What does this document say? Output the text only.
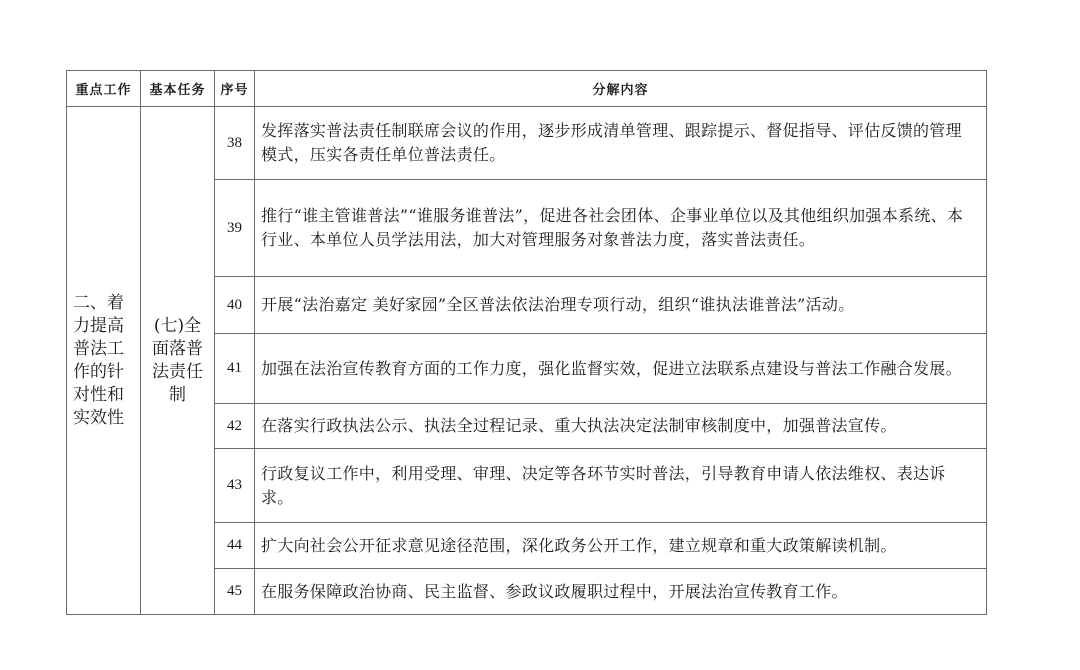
重点工作	基本任务	序号	分解内容
二、着力提高普法工作的针对性和实效性	(七)全面落普法责任制	38	发挥落实普法责任制联席会议的作用，逐步形成清单管理、跟踪提示、督促指导、评估反馈的管理模式，压实各责任单位普法责任。
		39	推行“谁主管谁普法”“谁服务谁普法”，促进各社会团体、企事业单位以及其他组织加强本系统、本行业、本单位人员学法用法，加大对管理服务对象普法力度，落实普法责任。
		40	开展“法治嘉定 美好家园”全区普法依法治理专项行动，组织“谁执法谁普法”活动。
		41	加强在法治宣传教育方面的工作力度，强化监督实效，促进立法联系点建设与普法工作融合发展。
		42	在落实行政执法公示、执法全过程记录、重大执法决定法制审核制度中，加强普法宣传。
		43	行政复议工作中，利用受理、审理、决定等各环节实时普法，引导教育申请人依法维权、表达诉求。
		44	扩大向社会公开征求意见途径范围，深化政务公开工作，建立规章和重大政策解读机制。
		45	在服务保障政治协商、民主监督、参政议政履职过程中，开展法治宣传教育工作。
